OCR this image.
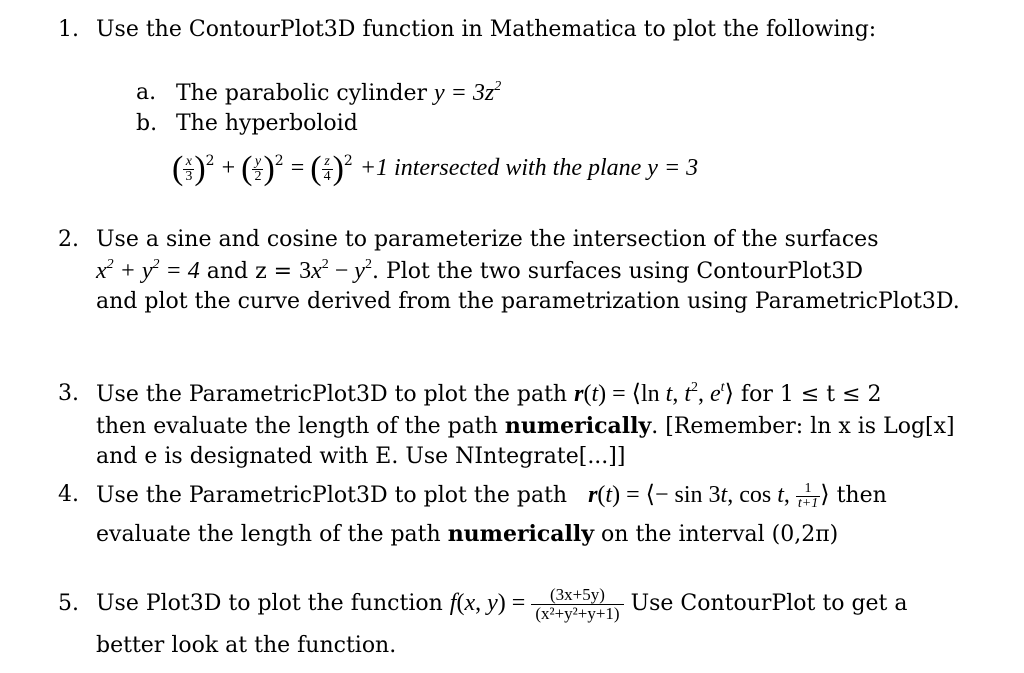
1. Use the ContourPlot3D function in Mathematica to plot the following:
a. The parabolic cylinder $y = 3z^2$
b. The hyperboloid
( $\frac{x}{3} )^2$ + ( $\frac{y}{2} )^2$ = ( $\frac{z}{4} )^2 +1$ intersected with the plane y = 3
2. Use a sine and cosine to parameterize the intersection of the surfaces
$x^2 + y^2 = 4$ and $z = 3x^2 - y^2$. Plot the two surfaces using ContourPlot3D
and plot the curve derived from the parametrization using ParametricPlot3D.
3. Use the ParametricPlot3D to plot the path r(t) = ⟨ln t, $t^2$, $e^t⟩$ for 1 ≤ t ≤ 2
then evaluate the length of the path numerically. [Remember: ln x is Log[x]
and e is designated with E. Use NIntegrate[...]]
4. Use the ParametricPlot3D to plot the path r(t) = ⟨− sin 3t, cos t, $\frac{1}{t+1}$ ⟩ then
evaluate the length of the path numerically on the interval (0,2π)
5. Use Plot3D to plot the function f(x, $y) = \frac{(3x+5y)}{\text{(x²+y²+y+1)}}$ Use ContourPlot to get a
better look at the function.
